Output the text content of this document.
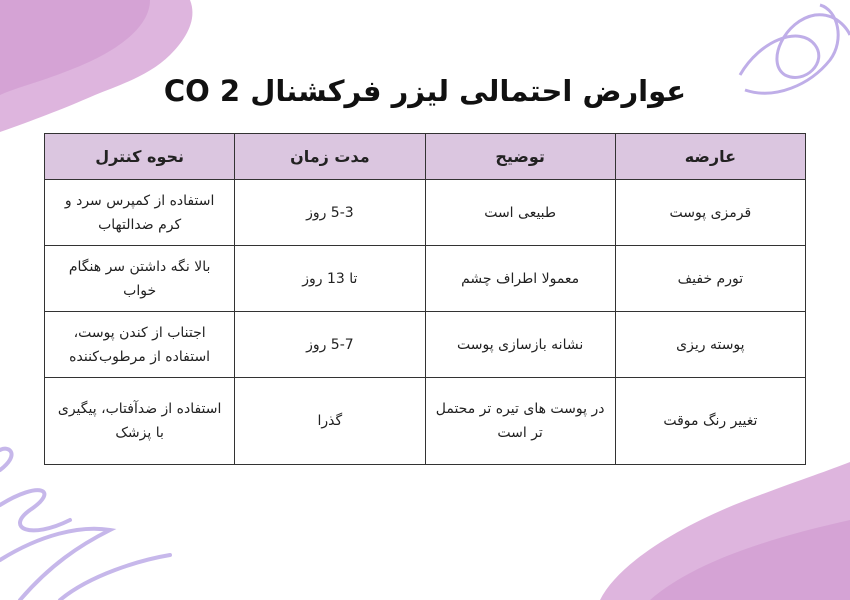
عوارض احتمالی لیزر فرکشنال CO 2
عارضه	توضیح	مدت زمان	نحوه کنترل
قرمزی پوست	طبیعی است	5-3 روز	استفاده از کمپرس سرد و کرم ضدالتهاب
تورم خفیف	معمولا اطراف چشم	تا 13 روز	بالا نگه داشتن سر هنگام خواب
پوسته ریزی	نشانه بازسازی پوست	5-7 روز	اجتناب از کندن پوست، استفاده از مرطوب‌کننده
تغییر رنگ موقت	در پوست های تیره تر محتمل تر است	گذرا	استفاده از ضدآفتاب، پیگیری با پزشک
